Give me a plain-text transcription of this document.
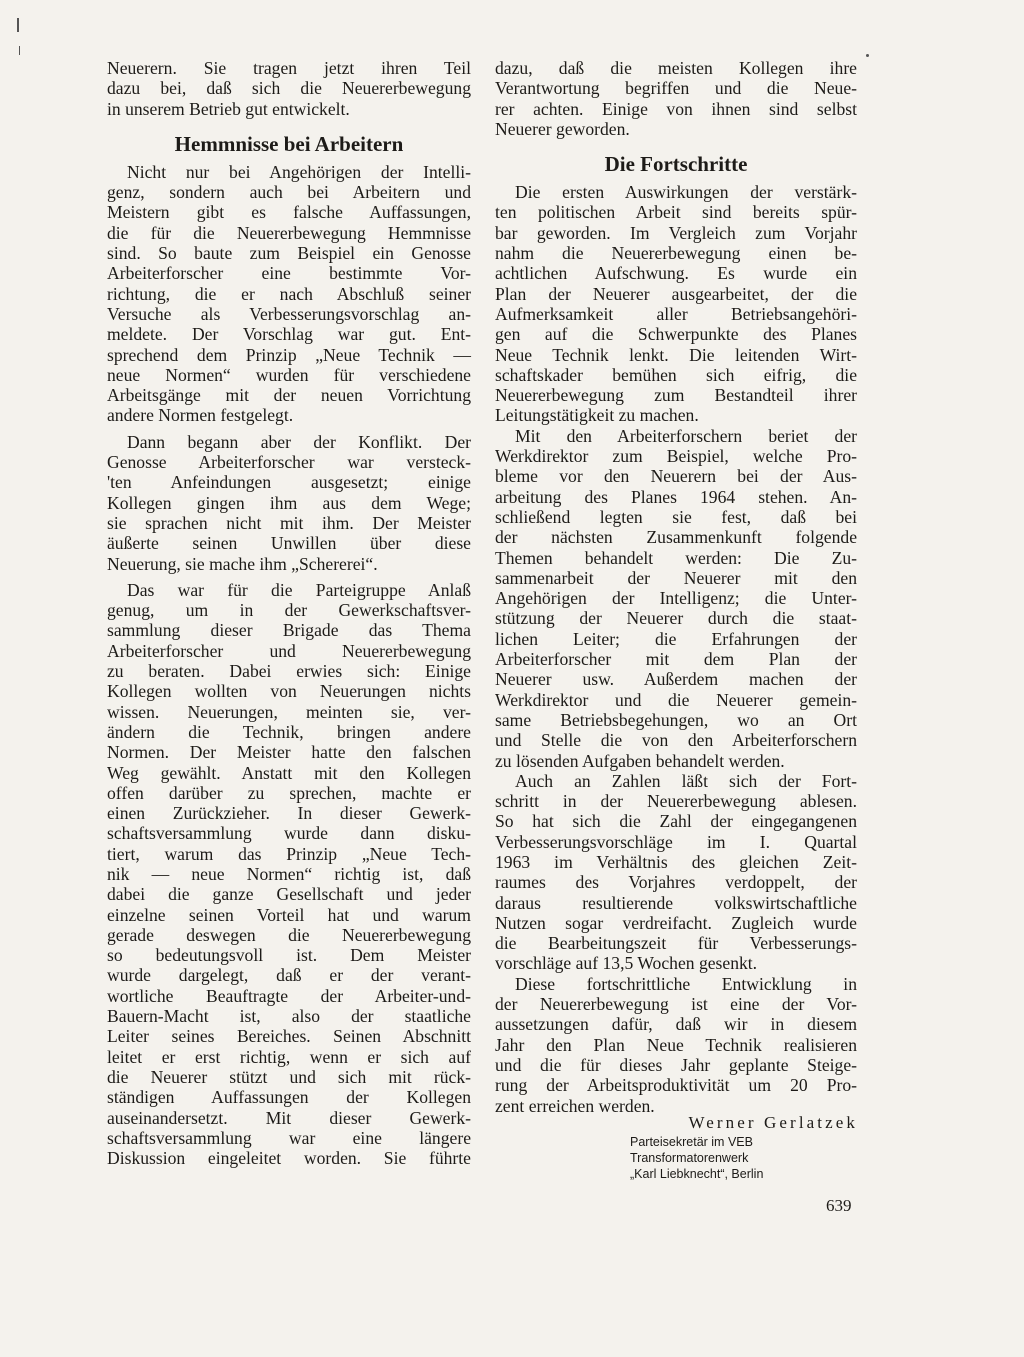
Neuerern. Sie tragen jetzt ihren Teil
dazu bei, daß sich die Neuererbewegung
in unserem Betrieb gut entwickelt.
Hemmnisse bei Arbeitern
Nicht nur bei Angehörigen der Intelli-
genz, sondern auch bei Arbeitern und
Meistern gibt es falsche Auffassungen,
die für die Neuererbewegung Hemmnisse
sind. So baute zum Beispiel ein Genosse
Arbeiterforscher eine bestimmte Vor-
richtung, die er nach Abschluß seiner
Versuche als Verbesserungsvorschlag an-
meldete. Der Vorschlag war gut. Ent-
sprechend dem Prinzip „Neue Technik —
neue Normen“ wurden für verschiedene
Arbeitsgänge mit der neuen Vorrichtung
andere Normen festgelegt.
Dann begann aber der Konflikt. Der
Genosse Arbeiterforscher war versteck-
'ten Anfeindungen ausgesetzt; einige
Kollegen gingen ihm aus dem Wege;
sie sprachen nicht mit ihm. Der Meister
äußerte seinen Unwillen über diese
Neuerung, sie mache ihm „Schererei“.
Das war für die Parteigruppe Anlaß
genug, um in der Gewerkschaftsver-
sammlung dieser Brigade das Thema
Arbeiterforscher und Neuererbewegung
zu beraten. Dabei erwies sich: Einige
Kollegen wollten von Neuerungen nichts
wissen. Neuerungen, meinten sie, ver-
ändern die Technik, bringen andere
Normen. Der Meister hatte den falschen
Weg gewählt. Anstatt mit den Kollegen
offen darüber zu sprechen, machte er
einen Zurückzieher. In dieser Gewerk-
schaftsversammlung wurde dann disku-
tiert, warum das Prinzip „Neue Tech-
nik — neue Normen“ richtig ist, daß
dabei die ganze Gesellschaft und jeder
einzelne seinen Vorteil hat und warum
gerade deswegen die Neuererbewegung
so bedeutungsvoll ist. Dem Meister
wurde dargelegt, daß er der verant-
wortliche Beauftragte der Arbeiter-und-
Bauern-Macht ist, also der staatliche
Leiter seines Bereiches. Seinen Abschnitt
leitet er erst richtig, wenn er sich auf
die Neuerer stützt und sich mit rück-
ständigen Auffassungen der Kollegen
auseinandersetzt. Mit dieser Gewerk-
schaftsversammlung war eine längere
Diskussion eingeleitet worden. Sie führte
dazu, daß die meisten Kollegen ihre
Verantwortung begriffen und die Neue-
rer achten. Einige von ihnen sind selbst
Neuerer geworden.
Die Fortschritte
Die ersten Auswirkungen der verstärk-
ten politischen Arbeit sind bereits spür-
bar geworden. Im Vergleich zum Vorjahr
nahm die Neuererbewegung einen be-
achtlichen Aufschwung. Es wurde ein
Plan der Neuerer ausgearbeitet, der die
Aufmerksamkeit aller Betriebsangehöri-
gen auf die Schwerpunkte des Planes
Neue Technik lenkt. Die leitenden Wirt-
schaftskader bemühen sich eifrig, die
Neuererbewegung zum Bestandteil ihrer
Leitungstätigkeit zu machen.
Mit den Arbeiterforschern beriet der
Werkdirektor zum Beispiel, welche Pro-
bleme vor den Neuerern bei der Aus-
arbeitung des Planes 1964 stehen. An-
schließend legten sie fest, daß bei
der nächsten Zusammenkunft folgende
Themen behandelt werden: Die Zu-
sammenarbeit der Neuerer mit den
Angehörigen der Intelligenz; die Unter-
stützung der Neuerer durch die staat-
lichen Leiter; die Erfahrungen der
Arbeiterforscher mit dem Plan der
Neuerer usw. Außerdem machen der
Werkdirektor und die Neuerer gemein-
same Betriebsbegehungen, wo an Ort
und Stelle die von den Arbeiterforschern
zu lösenden Aufgaben behandelt werden.
Auch an Zahlen läßt sich der Fort-
schritt in der Neuererbewegung ablesen.
So hat sich die Zahl der eingegangenen
Verbesserungsvorschläge im I. Quartal
1963 im Verhältnis des gleichen Zeit-
raumes des Vorjahres verdoppelt, der
daraus resultierende volkswirtschaftliche
Nutzen sogar verdreifacht. Zugleich wurde
die Bearbeitungszeit für Verbesserungs-
vorschläge auf 13,5 Wochen gesenkt.
Diese fortschrittliche Entwicklung in
der Neuererbewegung ist eine der Vor-
aussetzungen dafür, daß wir in diesem
Jahr den Plan Neue Technik realisieren
und die für dieses Jahr geplante Steige-
rung der Arbeitsproduktivität um 20 Pro-
zent erreichen werden.
Werner Gerlatzek
Parteisekretär im VEB
Transformatorenwerk
„Karl Liebknecht“, Berlin
639
